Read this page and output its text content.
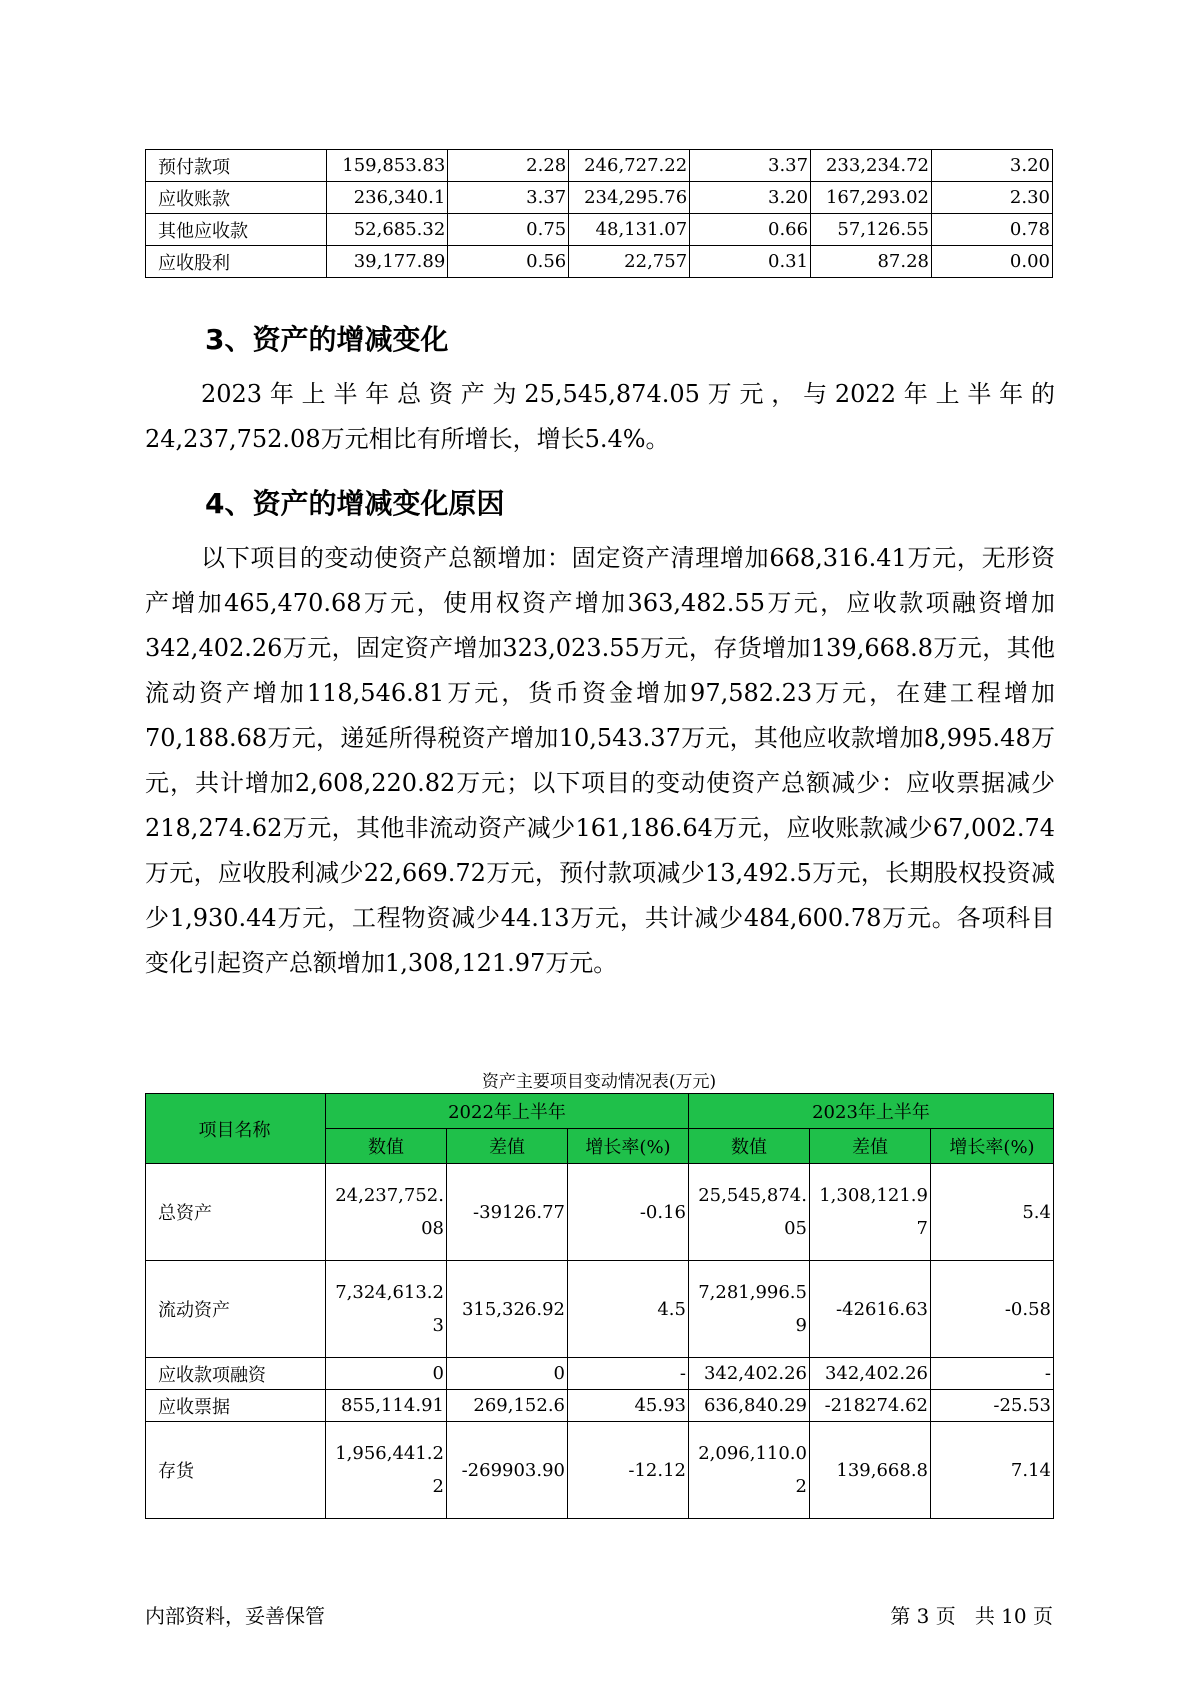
预付款项	159,853.83	2.28	246,727.22	3.37	233,234.72	3.20
应收账款	236,340.1	3.37	234,295.76	3.20	167,293.02	2.30
其他应收款	52,685.32	0.75	48,131.07	0.66	57,126.55	0.78
应收股利	39,177.89	0.56	22,757	0.31	87.28	0.00
3、资产的增减变化

2023年上半年总资产为25,545,874.05万元，与2022年上半年的24,237,752.08万元相比有所增长，增长5.4%。

4、资产的增减变化原因

以下项目的变动使资产总额增加：固定资产清理增加668,316.41万元，无形资产增加465,470.68万元，使用权资产增加363,482.55万元，应收款项融资增加342,402.26万元，固定资产增加323,023.55万元，存货增加139,668.8万元，其他流动资产增加118,546.81万元，货币资金增加97,582.23万元，在建工程增加70,188.68万元，递延所得税资产增加10,543.37万元，其他应收款增加8,995.48万元，共计增加2,608,220.82万元；以下项目的变动使资产总额减少：应收票据减少218,274.62万元，其他非流动资产减少161,186.64万元，应收账款减少67,002.74万元，应收股利减少22,669.72万元，预付款项减少13,492.5万元，长期股权投资减少1,930.44万元，工程物资减少44.13万元，共计减少484,600.78万元。各项科目变化引起资产总额增加1,308,121.97万元。

资产主要项目变动情况表(万元)
项目名称	2022年上半年			2023年上半年		
	数值	差值	增长率(%)	数值	差值	增长率(%)
总资产	24,237,752.08	-39126.77	-0.16	25,545,874.05	1,308,121.97	5.4
流动资产	7,324,613.23	315,326.92	4.5	7,281,996.59	-42616.63	-0.58
应收款项融资	0	0	-	342,402.26	342,402.26	-
应收票据	855,114.91	269,152.6	45.93	636,840.29	-218274.62	-25.53
存货	1,956,441.22	-269903.90	-12.12	2,096,110.02	139,668.8	7.14
内部资料，妥善保管	第 3 页   共 10 页
